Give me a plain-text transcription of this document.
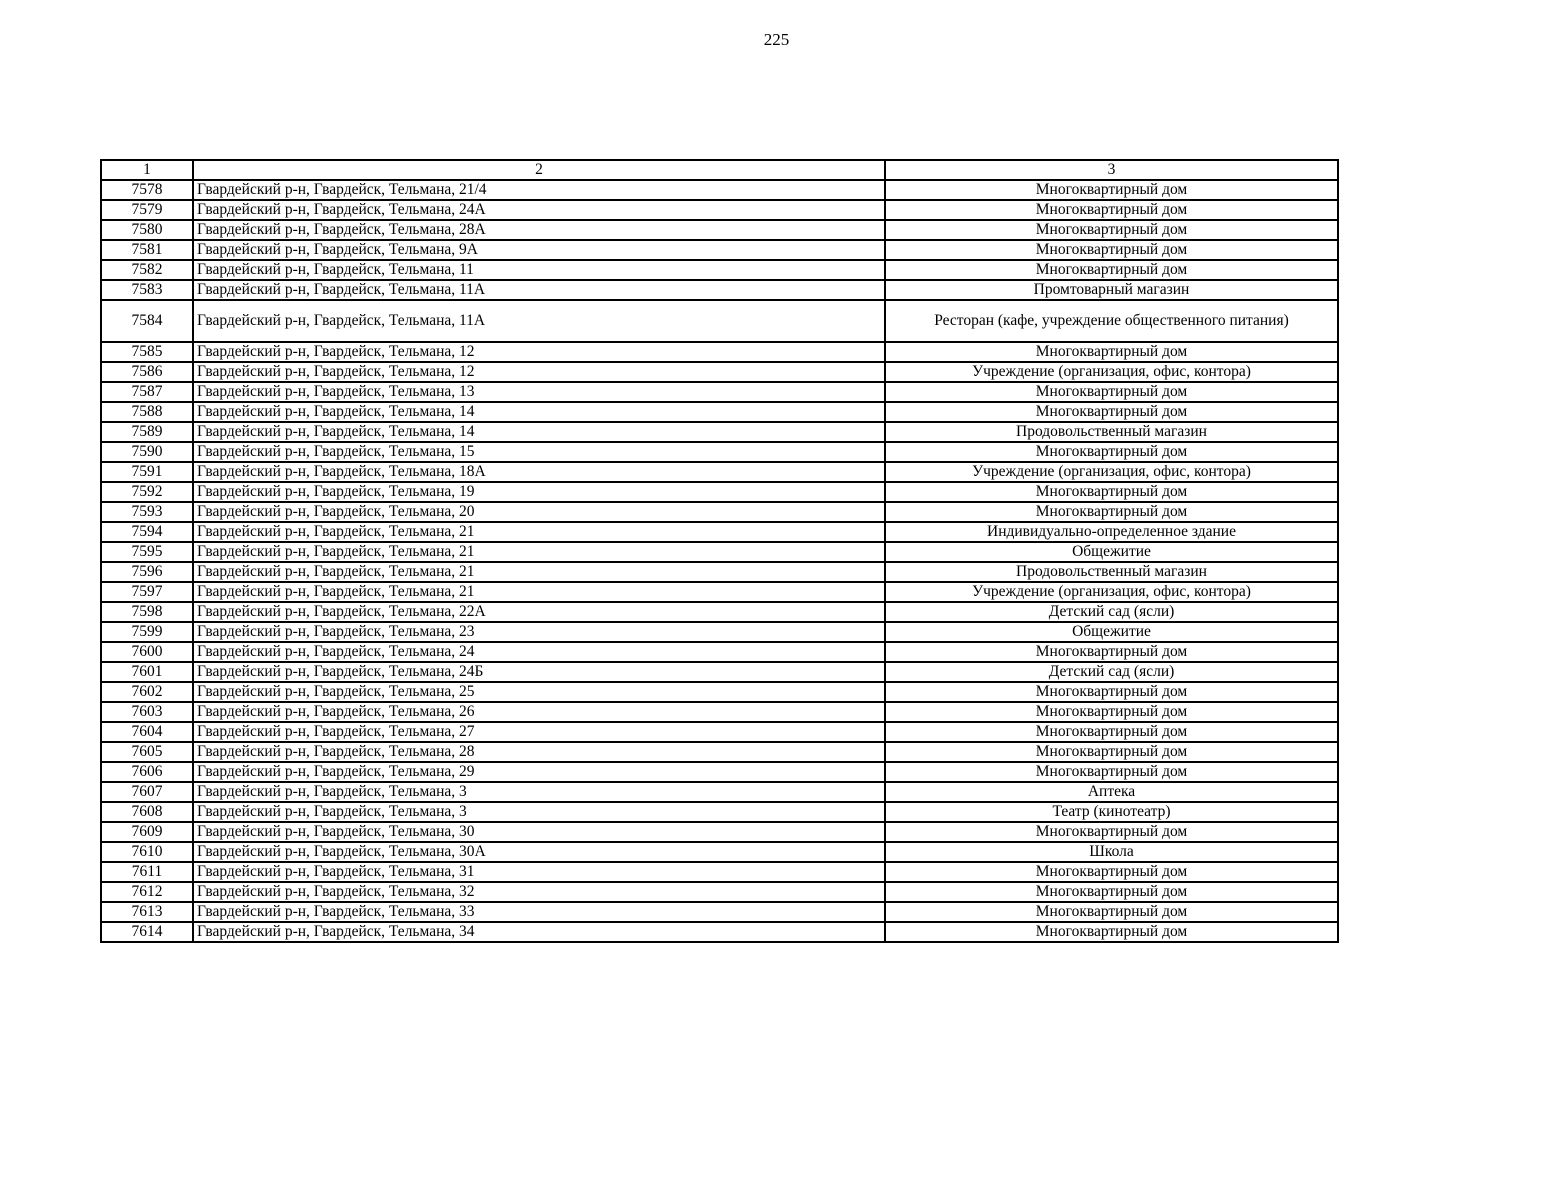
225
1	2	3
7578	Гвардейский р-н, Гвардейск, Тельмана, 21/4	Многоквартирный дом
7579	Гвардейский р-н, Гвардейск, Тельмана, 24А	Многоквартирный дом
7580	Гвардейский р-н, Гвардейск, Тельмана, 28А	Многоквартирный дом
7581	Гвардейский р-н, Гвардейск, Тельмана, 9А	Многоквартирный дом
7582	Гвардейский р-н, Гвардейск, Тельмана, 11	Многоквартирный дом
7583	Гвардейский р-н, Гвардейск, Тельмана, 11А	Промтоварный магазин
7584	Гвардейский р-н, Гвардейск, Тельмана, 11А	Ресторан (кафе, учреждение общественного питания)
7585	Гвардейский р-н, Гвардейск, Тельмана, 12	Многоквартирный дом
7586	Гвардейский р-н, Гвардейск, Тельмана, 12	Учреждение (организация, офис, контора)
7587	Гвардейский р-н, Гвардейск, Тельмана, 13	Многоквартирный дом
7588	Гвардейский р-н, Гвардейск, Тельмана, 14	Многоквартирный дом
7589	Гвардейский р-н, Гвардейск, Тельмана, 14	Продовольственный магазин
7590	Гвардейский р-н, Гвардейск, Тельмана, 15	Многоквартирный дом
7591	Гвардейский р-н, Гвардейск, Тельмана, 18А	Учреждение (организация, офис, контора)
7592	Гвардейский р-н, Гвардейск, Тельмана, 19	Многоквартирный дом
7593	Гвардейский р-н, Гвардейск, Тельмана, 20	Многоквартирный дом
7594	Гвардейский р-н, Гвардейск, Тельмана, 21	Индивидуально-определенное здание
7595	Гвардейский р-н, Гвардейск, Тельмана, 21	Общежитие
7596	Гвардейский р-н, Гвардейск, Тельмана, 21	Продовольственный магазин
7597	Гвардейский р-н, Гвардейск, Тельмана, 21	Учреждение (организация, офис, контора)
7598	Гвардейский р-н, Гвардейск, Тельмана, 22А	Детский сад (ясли)
7599	Гвардейский р-н, Гвардейск, Тельмана, 23	Общежитие
7600	Гвардейский р-н, Гвардейск, Тельмана, 24	Многоквартирный дом
7601	Гвардейский р-н, Гвардейск, Тельмана, 24Б	Детский сад (ясли)
7602	Гвардейский р-н, Гвардейск, Тельмана, 25	Многоквартирный дом
7603	Гвардейский р-н, Гвардейск, Тельмана, 26	Многоквартирный дом
7604	Гвардейский р-н, Гвардейск, Тельмана, 27	Многоквартирный дом
7605	Гвардейский р-н, Гвардейск, Тельмана, 28	Многоквартирный дом
7606	Гвардейский р-н, Гвардейск, Тельмана, 29	Многоквартирный дом
7607	Гвардейский р-н, Гвардейск, Тельмана, 3	Аптека
7608	Гвардейский р-н, Гвардейск, Тельмана, 3	Театр (кинотеатр)
7609	Гвардейский р-н, Гвардейск, Тельмана, 30	Многоквартирный дом
7610	Гвардейский р-н, Гвардейск, Тельмана, 30А	Школа
7611	Гвардейский р-н, Гвардейск, Тельмана, 31	Многоквартирный дом
7612	Гвардейский р-н, Гвардейск, Тельмана, 32	Многоквартирный дом
7613	Гвардейский р-н, Гвардейск, Тельмана, 33	Многоквартирный дом
7614	Гвардейский р-н, Гвардейск, Тельмана, 34	Многоквартирный дом
